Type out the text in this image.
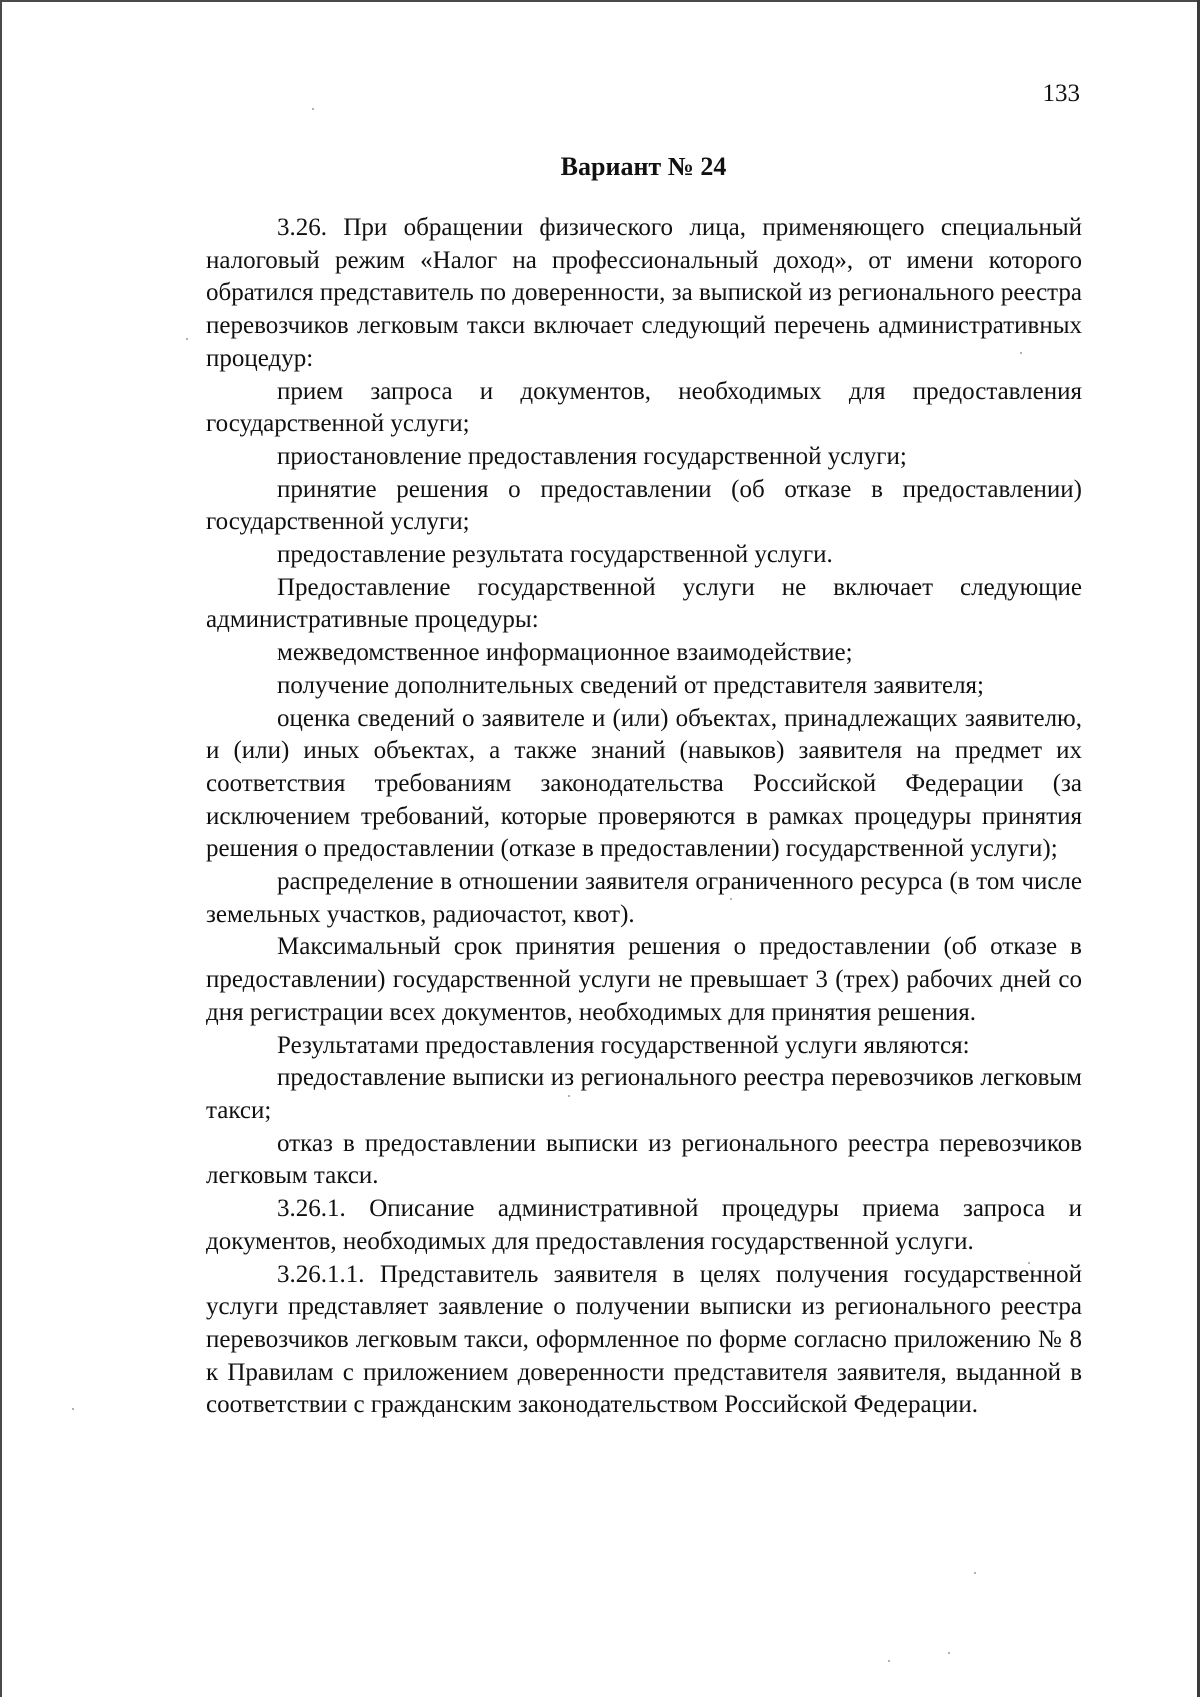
133
Вариант № 24

3.26. При обращении физического лица, применяющего специальный налоговый режим «Налог на профессиональный доход», от имени которого обратился представитель по доверенности, за выпиской из регионального реестра перевозчиков легковым такси включает следующий перечень административных процедур:

прием запроса и документов, необходимых для предоставления государственной услуги;

приостановление предоставления государственной услуги;

принятие решения о предоставлении (об отказе в предоставлении) государственной услуги;

предоставление результата государственной услуги.

Предоставление государственной услуги не включает следующие административные процедуры:

межведомственное информационное взаимодействие;

получение дополнительных сведений от представителя заявителя;

оценка сведений о заявителе и (или) объектах, принадлежащих заявителю, и (или) иных объектах, а также знаний (навыков) заявителя на предмет их соответствия требованиям законодательства Российской Федерации (за исключением требований, которые проверяются в рамках процедуры принятия решения о предоставлении (отказе в предоставлении) государственной услуги);

распределение в отношении заявителя ограниченного ресурса (в том числе земельных участков, радиочастот, квот).

Максимальный срок принятия решения о предоставлении (об отказе в предоставлении) государственной услуги не превышает 3 (трех) рабочих дней со дня регистрации всех документов, необходимых для принятия решения.

Результатами предоставления государственной услуги являются:

предоставление выписки из регионального реестра перевозчиков легковым такси;

отказ в предоставлении выписки из регионального реестра перевозчиков легковым такси.

3.26.1. Описание административной процедуры приема запроса и документов, необходимых для предоставления государственной услуги.

3.26.1.1. Представитель заявителя в целях получения государственной услуги представляет заявление о получении выписки из регионального реестра перевозчиков легковым такси, оформленное по форме согласно приложению № 8 к Правилам с приложением доверенности представителя заявителя, выданной в соответствии с гражданским законодательством Российской Федерации.
